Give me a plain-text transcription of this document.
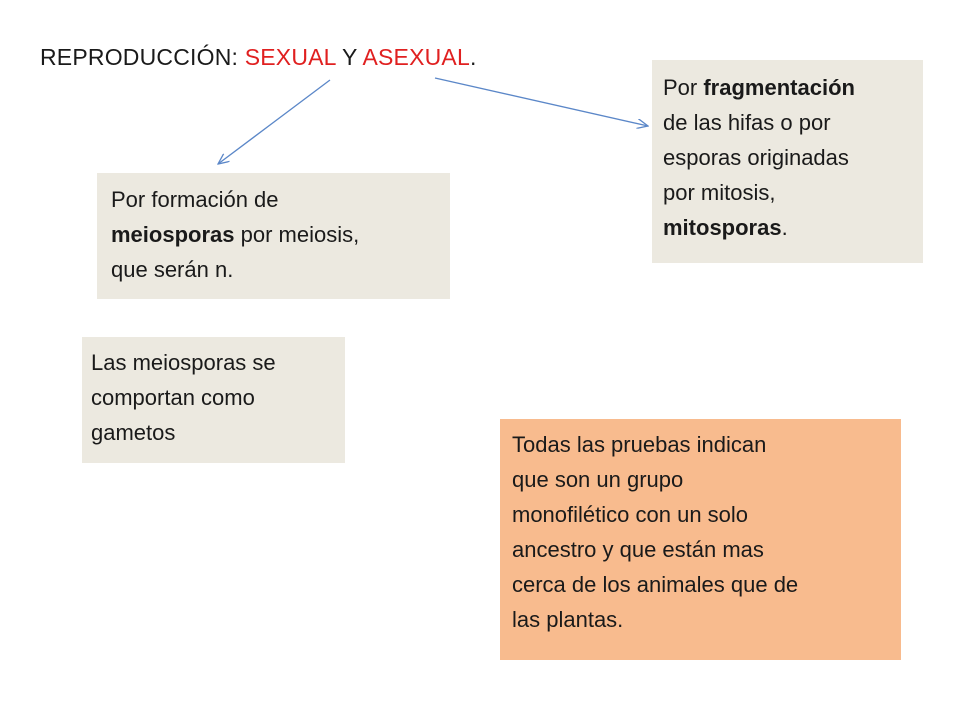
REPRODUCCIÓN: SEXUAL Y ASEXUAL.
Por formación de
meiosporas por meiosis,
que serán n.
Por fragmentación
de las hifas o por
esporas originadas
por mitosis,
mitosporas.
Las meiosporas se
comportan como
gametos	Todas las pruebas indican
que son un grupo
monofilético con un solo
ancestro y que están mas
cerca de los animales que de
las plantas.
